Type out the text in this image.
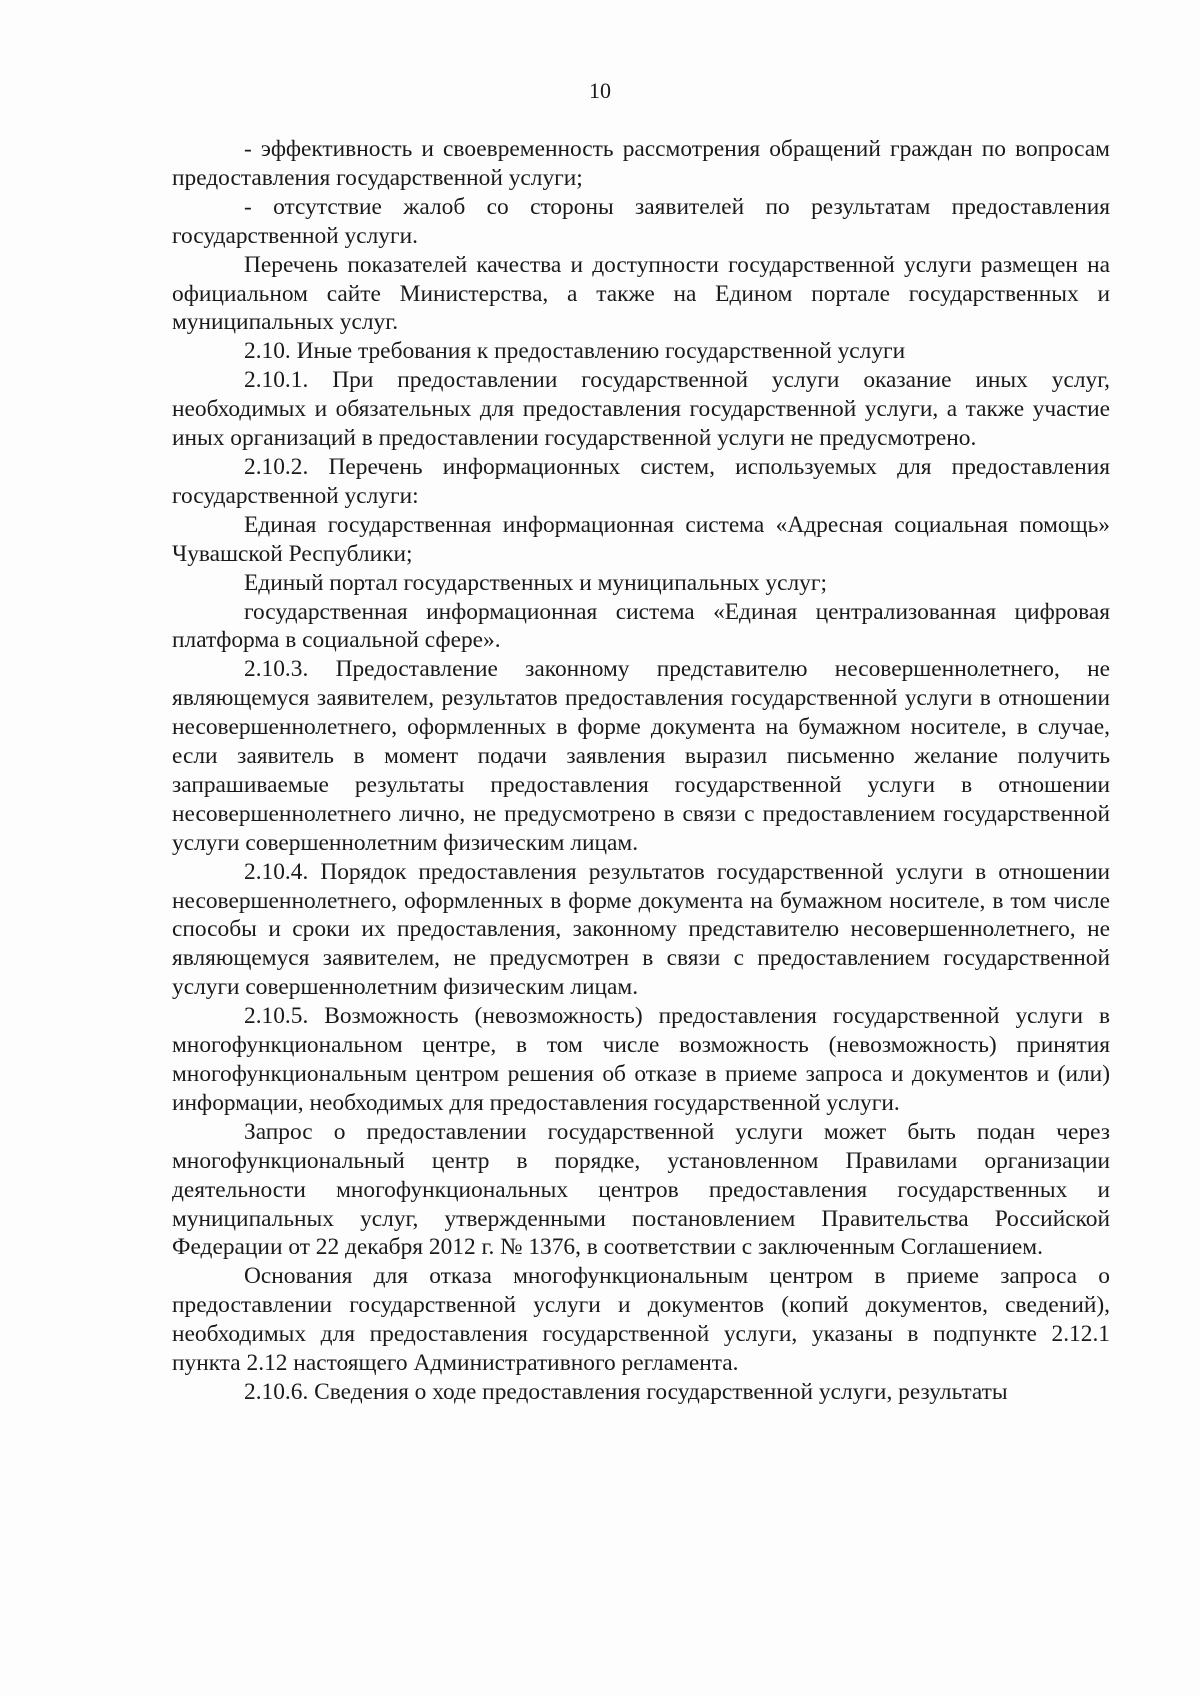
10

- эффективность и своевременность рассмотрения обращений граждан по вопросам предоставления государственной услуги;

- отсутствие жалоб со стороны заявителей по результатам предоставления государственной услуги.

Перечень показателей качества и доступности государственной услуги размещен на официальном сайте Министерства, а также на Едином портале государственных и муниципальных услуг.

2.10. Иные требования к предоставлению государственной услуги

2.10.1. При предоставлении государственной услуги оказание иных услуг, необходимых и обязательных для предоставления государственной услуги, а также участие иных организаций в предоставлении государственной услуги не предусмотрено.

2.10.2. Перечень информационных систем, используемых для предоставления государственной услуги:

Единая государственная информационная система «Адресная социальная помощь» Чувашской Республики;

Единый портал государственных и муниципальных услуг;

государственная информационная система «Единая централизованная цифровая платформа в социальной сфере».

2.10.3. Предоставление законному представителю несовершеннолетнего, не являющемуся заявителем, результатов предоставления государственной услуги в отношении несовершеннолетнего, оформленных в форме документа на бумажном носителе, в случае, если заявитель в момент подачи заявления выразил письменно желание получить запрашиваемые результаты предоставления государственной услуги в отношении несовершеннолетнего лично, не предусмотрено в связи с предоставлением государственной услуги совершеннолетним физическим лицам.

2.10.4. Порядок предоставления результатов государственной услуги в отношении несовершеннолетнего, оформленных в форме документа на бумажном носителе, в том числе способы и сроки их предоставления, законному представителю несовершеннолетнего, не являющемуся заявителем, не предусмотрен в связи с предоставлением государственной услуги совершеннолетним физическим лицам.

2.10.5. Возможность (невозможность) предоставления государственной услуги в многофункциональном центре, в том числе возможность (невозможность) принятия многофункциональным центром решения об отказе в приеме запроса и документов и (или) информации, необходимых для предоставления государственной услуги.

Запрос о предоставлении государственной услуги может быть подан через многофункциональный центр в порядке, установленном Правилами организации деятельности многофункциональных центров предоставления государственных и муниципальных услуг, утвержденными постановлением Правительства Российской Федерации от 22 декабря 2012 г. № 1376, в соответствии с заключенным Соглашением.

Основания для отказа многофункциональным центром в приеме запроса о предоставлении государственной услуги и документов (копий документов, сведений), необходимых для предоставления государственной услуги, указаны в подпункте 2.12.1 пункта 2.12 настоящего Административного регламента.

2.10.6. Сведения о ходе предоставления государственной услуги, результаты
